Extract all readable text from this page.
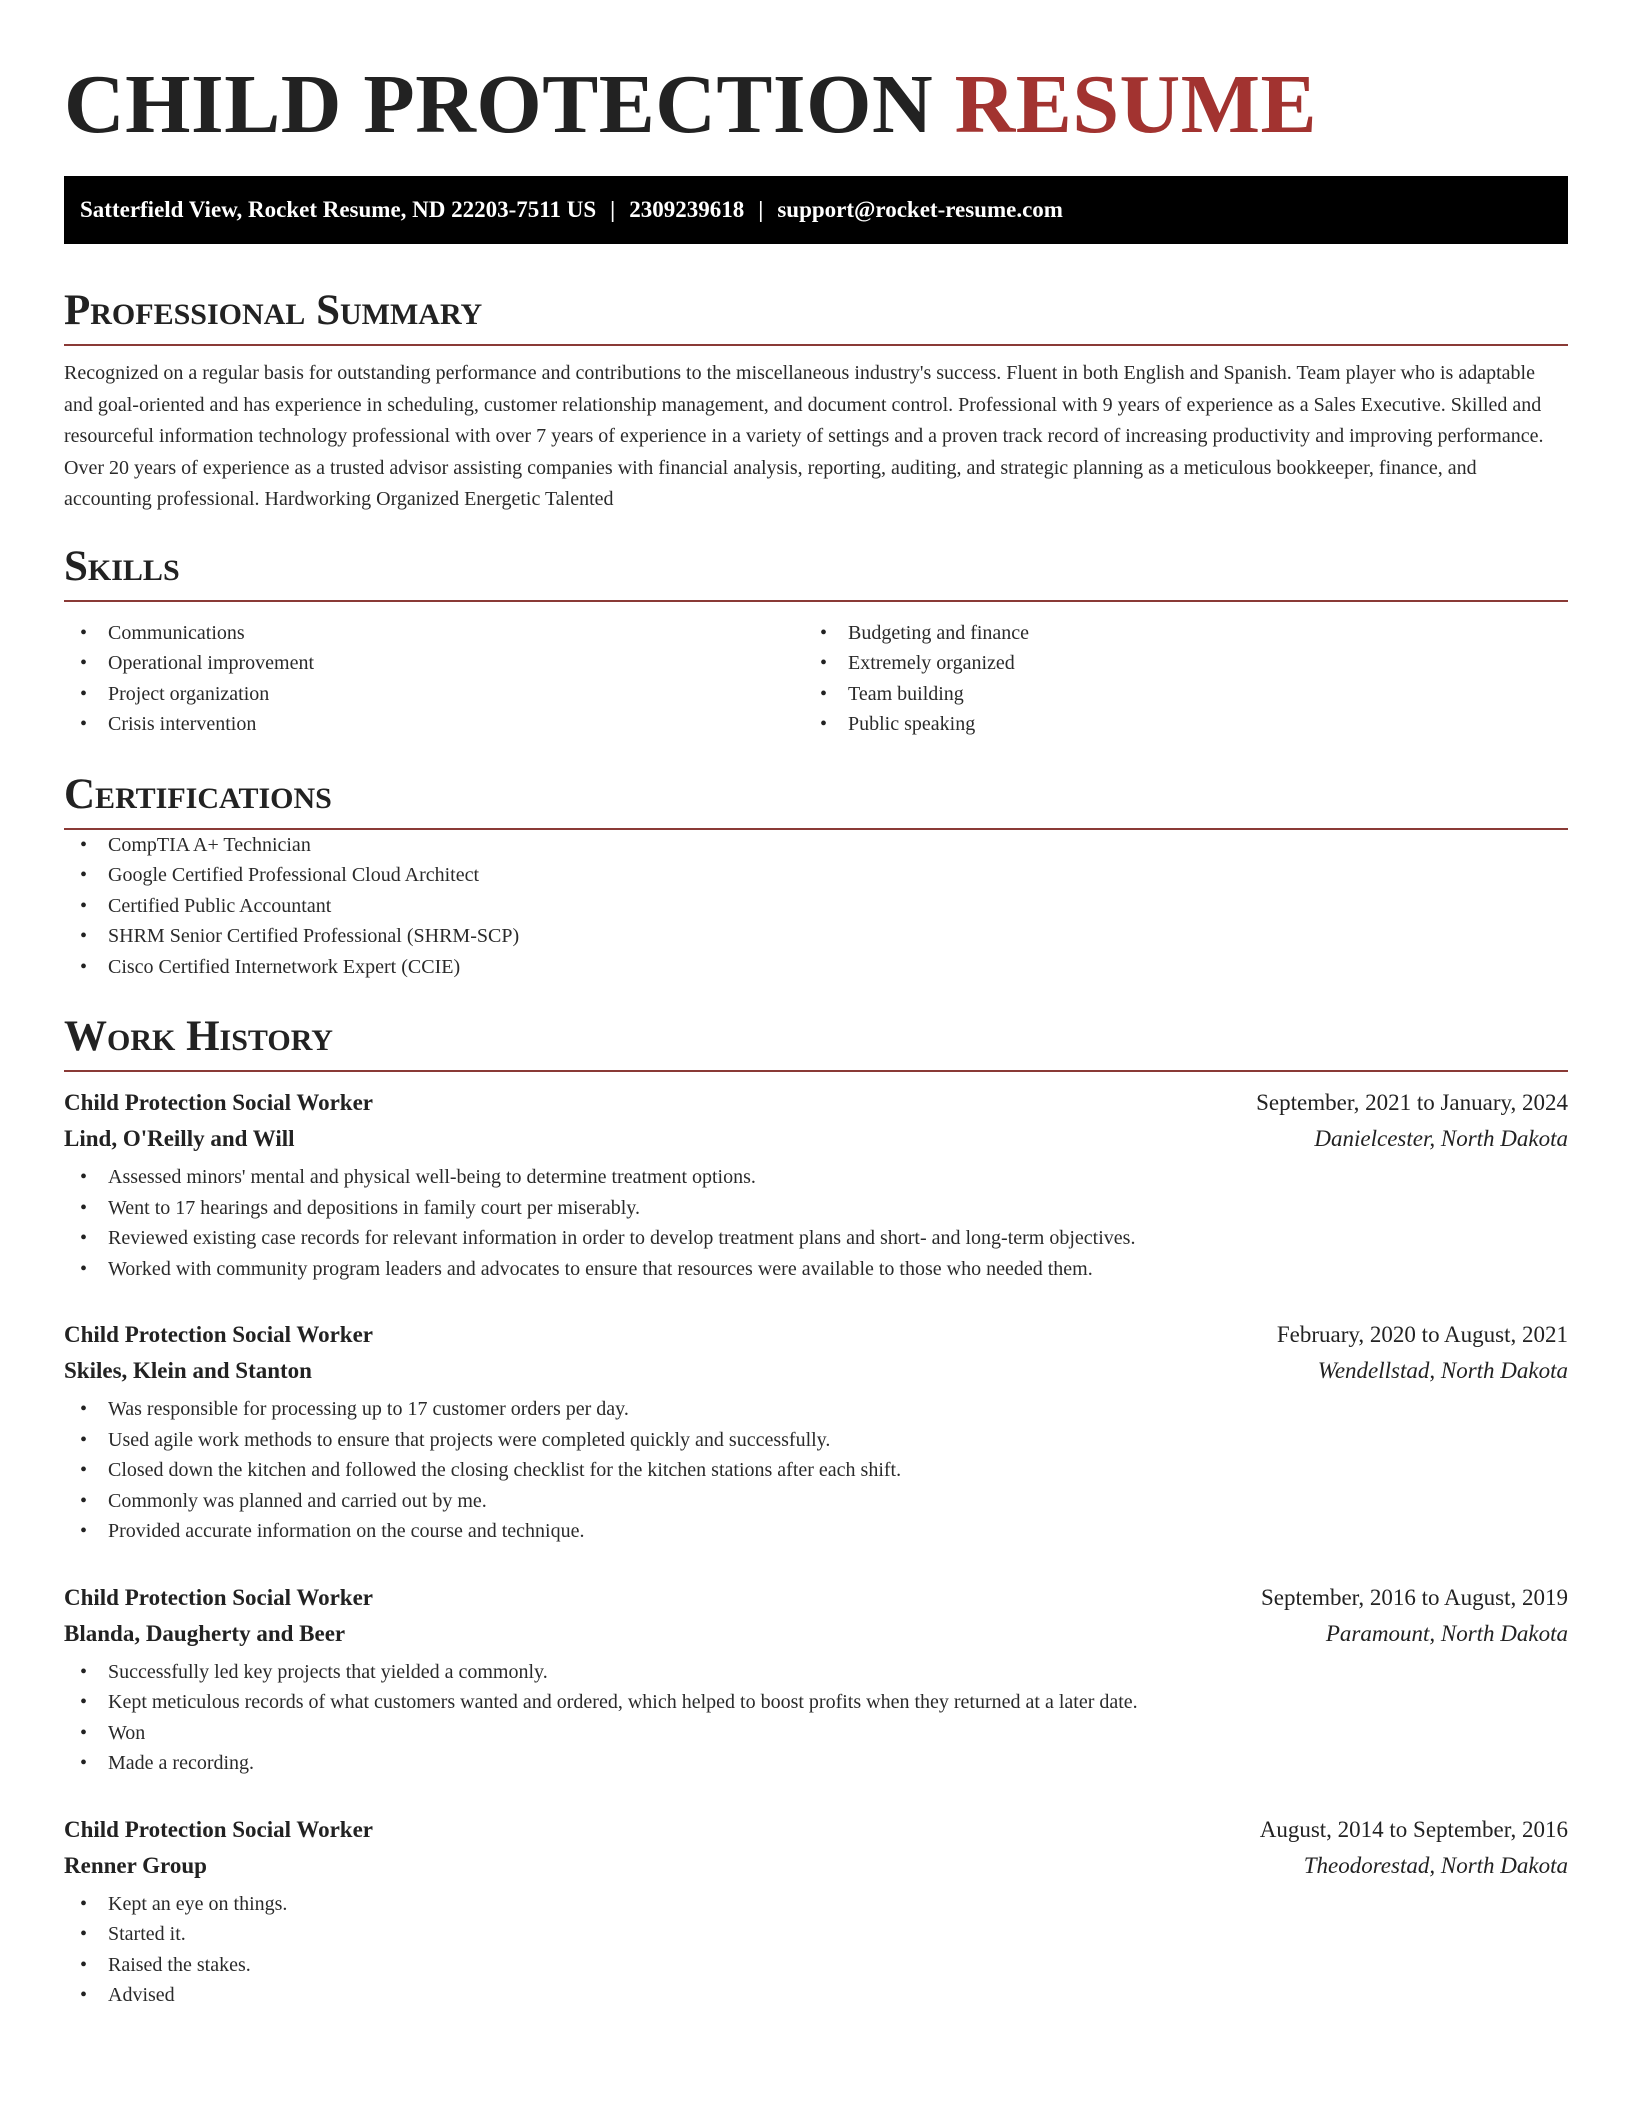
CHILD PROTECTION RESUME
Satterfield View, Rocket Resume, ND 22203-7511 US | 2309239618 | support@rocket-resume.com
Professional Summary

Recognized on a regular basis for outstanding performance and contributions to the miscellaneous industry's success. Fluent in both English and Spanish. Team player who is adaptable and goal-oriented and has experience in scheduling, customer relationship management, and document control. Professional with 9 years of experience as a Sales Executive. Skilled and resourceful information technology professional with over 7 years of experience in a variety of settings and a proven track record of increasing productivity and improving performance. Over 20 years of experience as a trusted advisor assisting companies with financial analysis, reporting, auditing, and strategic planning as a meticulous bookkeeper, finance, and accounting professional. Hardworking Organized Energetic Talented

Skills
• Communications
• Operational improvement
• Project organization
• Crisis intervention
• Budgeting and finance
• Extremely organized
• Team building
• Public speaking
Certifications
• CompTIA A+ Technician
• Google Certified Professional Cloud Architect
• Certified Public Accountant
• SHRM Senior Certified Professional (SHRM-SCP)
• Cisco Certified Internetwork Expert (CCIE)
Work History
Child Protection Social Worker	September, 2021 to January, 2024
Lind, O'Reilly and Will	Danielcester, North Dakota
• Assessed minors' mental and physical well-being to determine treatment options.
• Went to 17 hearings and depositions in family court per miserably.
• Reviewed existing case records for relevant information in order to develop treatment plans and short- and long-term objectives.
• Worked with community program leaders and advocates to ensure that resources were available to those who needed them.
Child Protection Social Worker	February, 2020 to August, 2021
Skiles, Klein and Stanton	Wendellstad, North Dakota
• Was responsible for processing up to 17 customer orders per day.
• Used agile work methods to ensure that projects were completed quickly and successfully.
• Closed down the kitchen and followed the closing checklist for the kitchen stations after each shift.
• Commonly was planned and carried out by me.
• Provided accurate information on the course and technique.
Child Protection Social Worker	September, 2016 to August, 2019
Blanda, Daugherty and Beer	Paramount, North Dakota
• Successfully led key projects that yielded a commonly.
• Kept meticulous records of what customers wanted and ordered, which helped to boost profits when they returned at a later date.
• Won
• Made a recording.
Child Protection Social Worker	August, 2014 to September, 2016
Renner Group	Theodorestad, North Dakota
• Kept an eye on things.
• Started it.
• Raised the stakes.
• Advised
